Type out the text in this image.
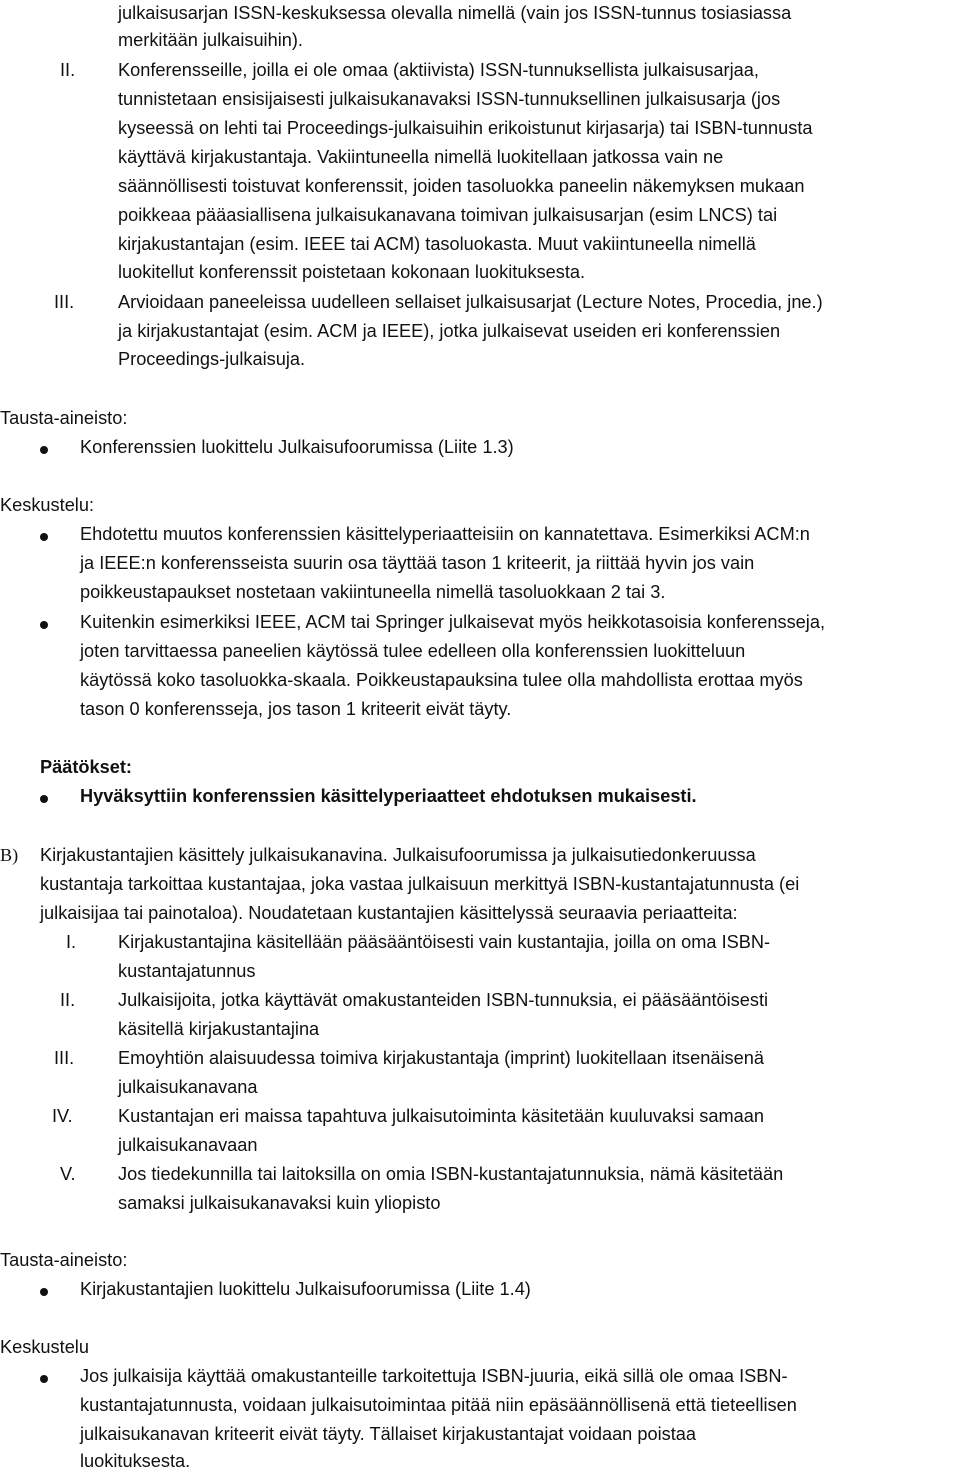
julkaisusarjan ISSN-keskuksessa olevalla nimellä (vain jos ISSN-tunnus tosiasiassa

merkitään julkaisuihin).

II. Konferensseille, joilla ei ole omaa (aktiivista) ISSN-tunnuksellista julkaisusarjaa,

tunnistetaan ensisijaisesti julkaisukanavaksi ISSN-tunnuksellinen julkaisusarja (jos

kyseessä on lehti tai Proceedings-julkaisuihin erikoistunut kirjasarja) tai ISBN-tunnusta

käyttävä kirjakustantaja. Vakiintuneella nimellä luokitellaan jatkossa vain ne

säännöllisesti toistuvat konferenssit, joiden tasoluokka paneelin näkemyksen mukaan

poikkeaa pääasiallisena julkaisukanavana toimivan julkaisusarjan (esim LNCS) tai

kirjakustantajan (esim. IEEE tai ACM) tasoluokasta. Muut vakiintuneella nimellä

luokitellut konferenssit poistetaan kokonaan luokituksesta.

III. Arvioidaan paneeleissa uudelleen sellaiset julkaisusarjat (Lecture Notes, Procedia, jne.)

ja kirjakustantajat (esim. ACM ja IEEE), jotka julkaisevat useiden eri konferenssien

Proceedings-julkaisuja.

Tausta-aineisto:

Konferenssien luokittelu Julkaisufoorumissa (Liite 1.3)

Keskustelu:

Ehdotettu muutos konferenssien käsittelyperiaatteisiin on kannatettava. Esimerkiksi ACM:n

ja IEEE:n konferensseista suurin osa täyttää tason 1 kriteerit, ja riittää hyvin jos vain

poikkeustapaukset nostetaan vakiintuneella nimellä tasoluokkaan 2 tai 3.

Kuitenkin esimerkiksi IEEE, ACM tai Springer julkaisevat myös heikkotasoisia konferensseja,

joten tarvittaessa paneelien käytössä tulee edelleen olla konferenssien luokitteluun

käytössä koko tasoluokka-skaala. Poikkeustapauksina tulee olla mahdollista erottaa myös

tason 0 konferensseja, jos tason 1 kriteerit eivät täyty.

Päätökset:

Hyväksyttiin konferenssien käsittelyperiaatteet ehdotuksen mukaisesti.

B) Kirjakustantajien käsittely julkaisukanavina. Julkaisufoorumissa ja julkaisutiedonkeruussa

kustantaja tarkoittaa kustantajaa, joka vastaa julkaisuun merkittyä ISBN-kustantajatunnusta (ei

julkaisijaa tai painotaloa). Noudatetaan kustantajien käsittelyssä seuraavia periaatteita:

I. Kirjakustantajina käsitellään pääsääntöisesti vain kustantajia, joilla on oma ISBN-

kustantajatunnus

II. Julkaisijoita, jotka käyttävät omakustanteiden ISBN-tunnuksia, ei pääsääntöisesti

käsitellä kirjakustantajina

III. Emoyhtiön alaisuudessa toimiva kirjakustantaja (imprint) luokitellaan itsenäisenä

julkaisukanavana

IV. Kustantajan eri maissa tapahtuva julkaisutoiminta käsitetään kuuluvaksi samaan

julkaisukanavaan

V. Jos tiedekunnilla tai laitoksilla on omia ISBN-kustantajatunnuksia, nämä käsitetään

samaksi julkaisukanavaksi kuin yliopisto

Tausta-aineisto:

Kirjakustantajien luokittelu Julkaisufoorumissa (Liite 1.4)

Keskustelu

Jos julkaisija käyttää omakustanteille tarkoitettuja ISBN-juuria, eikä sillä ole omaa ISBN-

kustantajatunnusta, voidaan julkaisutoimintaa pitää niin epäsäännöllisenä että tieteellisen

julkaisukanavan kriteerit eivät täyty. Tällaiset kirjakustantajat voidaan poistaa

luokituksesta.
